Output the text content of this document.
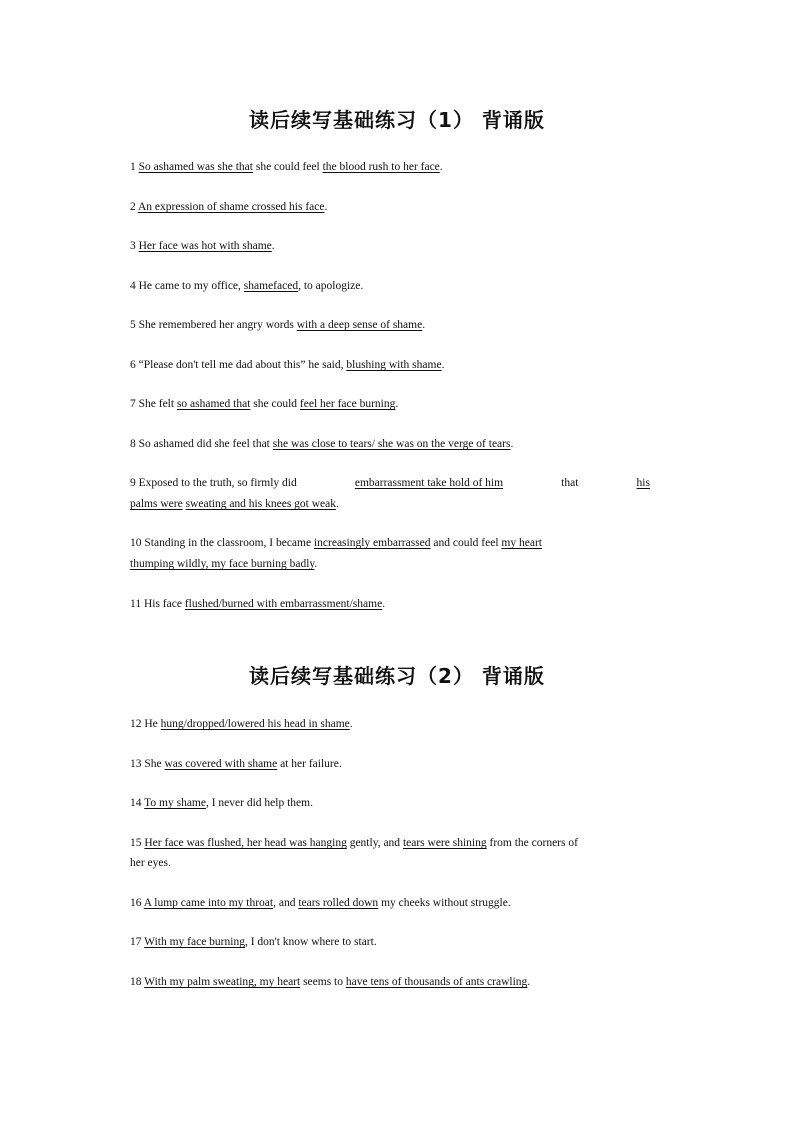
读后续写基础练习（1） 背诵版
1 So ashamed was she that she could feel the blood rush to her face.
2 An expression of shame crossed his face.
3 Her face was hot with shame.
4 He came to my office, shamefaced, to apologize.
5 She remembered her angry words with a deep sense of shame.
6 “Please don't tell me dad about this” he said, blushing with shame.
7 She felt so ashamed that she could feel her face burning.
8 So ashamed did she feel that she was close to tears/ she was on the verge of tears.
9 Exposed to the truth, so firmly did	embarrassment take hold of him	that	his
palms were sweating and his knees got weak.
10 Standing in the classroom, I became increasingly embarrassed and could feel my heart
thumping wildly, my face burning badly.
11 His face flushed/burned with embarrassment/shame.
读后续写基础练习（2） 背诵版
12 He hung/dropped/lowered his head in shame.
13 She was covered with shame at her failure.
14 To my shame, I never did help them.
15 Her face was flushed, her head was hanging gently, and tears were shining from the corners of
her eyes.
16 A lump came into my throat, and tears rolled down my cheeks without struggle.
17 With my face burning, I don't know where to start.
18 With my palm sweating, my heart seems to have tens of thousands of ants crawling.
